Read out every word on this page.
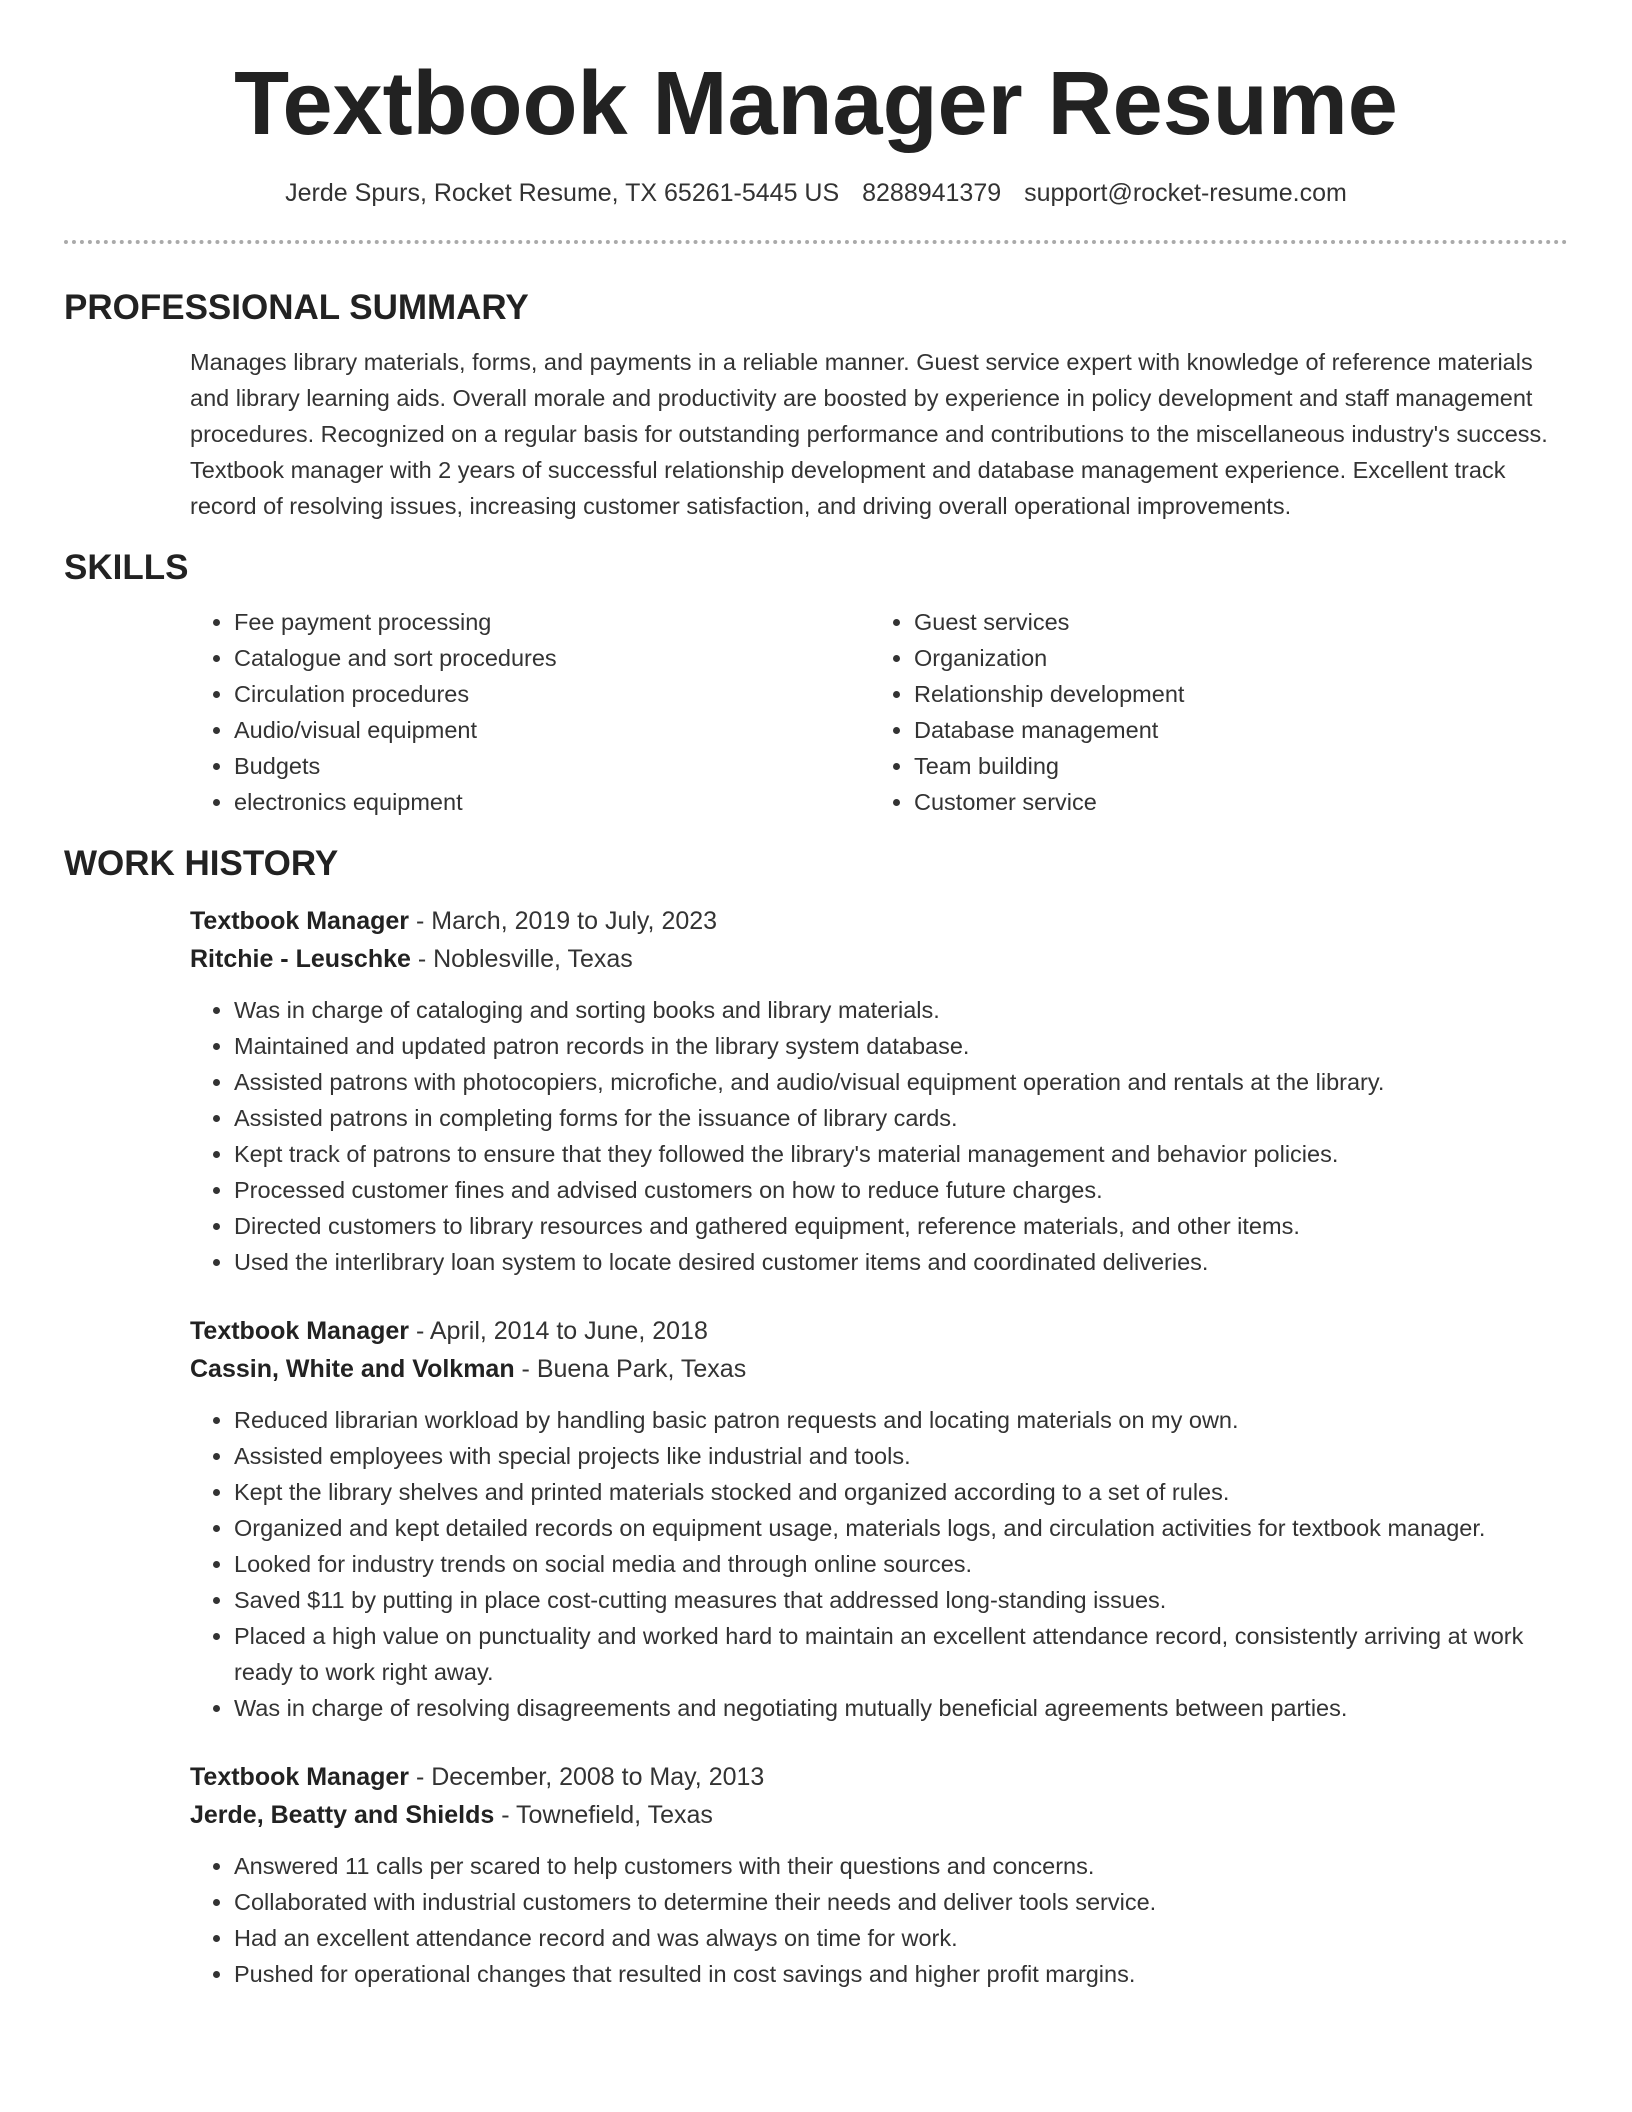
Textbook Manager Resume
Jerde Spurs, Rocket Resume, TX 65261-5445 US 8288941379 support@rocket-resume.com
PROFESSIONAL SUMMARY

Manages library materials, forms, and payments in a reliable manner. Guest service expert with knowledge of reference materials and library learning aids. Overall morale and productivity are boosted by experience in policy development and staff management procedures. Recognized on a regular basis for outstanding performance and contributions to the miscellaneous industry's success. Textbook manager with 2 years of successful relationship development and database management experience. Excellent track record of resolving issues, increasing customer satisfaction, and driving overall operational improvements.

SKILLS
• Fee payment processing
• Catalogue and sort procedures
• Circulation procedures
• Audio/visual equipment
• Budgets
• electronics equipment
• Guest services
• Organization
• Relationship development
• Database management
• Team building
• Customer service
WORK HISTORY
Textbook Manager - March, 2019 to July, 2023
Ritchie - Leuschke - Noblesville, Texas
• Was in charge of cataloging and sorting books and library materials.
• Maintained and updated patron records in the library system database.
• Assisted patrons with photocopiers, microfiche, and audio/visual equipment operation and rentals at the library.
• Assisted patrons in completing forms for the issuance of library cards.
• Kept track of patrons to ensure that they followed the library's material management and behavior policies.
• Processed customer fines and advised customers on how to reduce future charges.
• Directed customers to library resources and gathered equipment, reference materials, and other items.
• Used the interlibrary loan system to locate desired customer items and coordinated deliveries.
Textbook Manager - April, 2014 to June, 2018
Cassin, White and Volkman - Buena Park, Texas
• Reduced librarian workload by handling basic patron requests and locating materials on my own.
• Assisted employees with special projects like industrial and tools.
• Kept the library shelves and printed materials stocked and organized according to a set of rules.
• Organized and kept detailed records on equipment usage, materials logs, and circulation activities for textbook manager.
• Looked for industry trends on social media and through online sources.
• Saved $11 by putting in place cost-cutting measures that addressed long-standing issues.
• Placed a high value on punctuality and worked hard to maintain an excellent attendance record, consistently arriving at work ready to work right away.
• Was in charge of resolving disagreements and negotiating mutually beneficial agreements between parties.
Textbook Manager - December, 2008 to May, 2013
Jerde, Beatty and Shields - Townefield, Texas
• Answered 11 calls per scared to help customers with their questions and concerns.
• Collaborated with industrial customers to determine their needs and deliver tools service.
• Had an excellent attendance record and was always on time for work.
• Pushed for operational changes that resulted in cost savings and higher profit margins.
